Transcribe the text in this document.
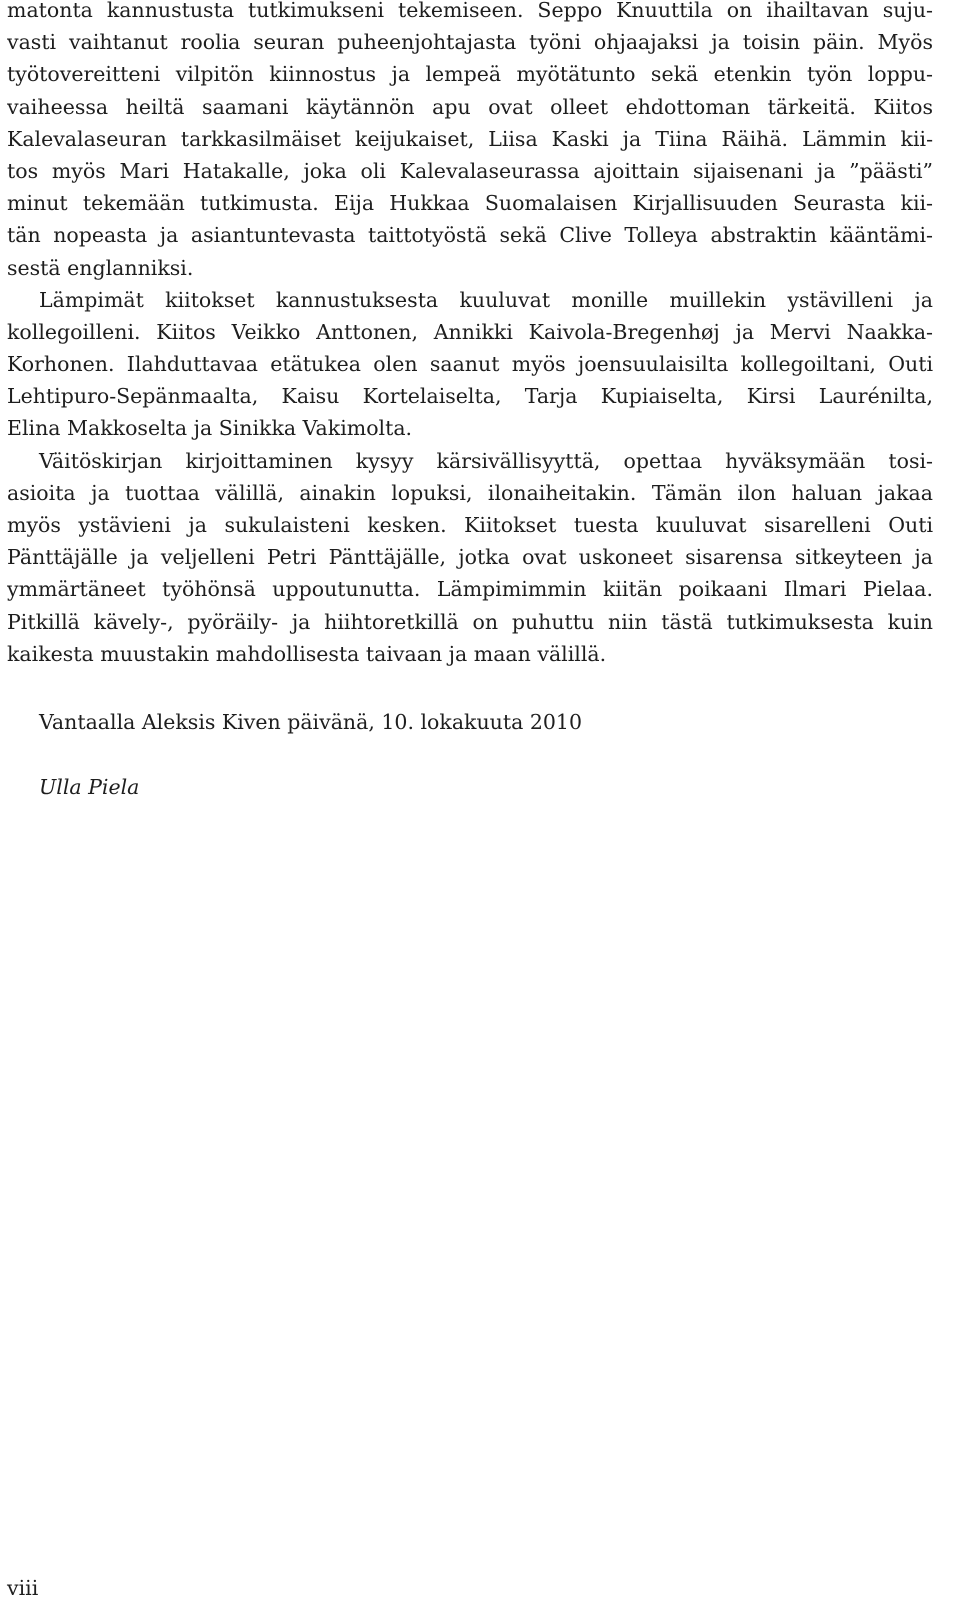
matonta kannustusta tutkimukseni tekemiseen. Seppo Knuuttila on ihailtavan suju-
vasti vaihtanut roolia seuran puheenjohtajasta työni ohjaajaksi ja toisin päin. Myös
työtovereitteni vilpitön kiinnostus ja lempeä myötätunto sekä etenkin työn loppu-
vaiheessa heiltä saamani käytännön apu ovat olleet ehdottoman tärkeitä. Kiitos
Kalevalaseuran tarkkasilmäiset keijukaiset, Liisa Kaski ja Tiina Räihä. Lämmin kii-
tos myös Mari Hatakalle, joka oli Kalevalaseurassa ajoittain sijaisenani ja ”päästi”
minut tekemään tutkimusta. Eija Hukkaa Suomalaisen Kirjallisuuden Seurasta kii-
tän nopeasta ja asiantuntevasta taittotyöstä sekä Clive Tolleya abstraktin kääntämi-
sestä englanniksi.
Lämpimät kiitokset kannustuksesta kuuluvat monille muillekin ystävilleni ja
kollegoilleni. Kiitos Veikko Anttonen, Annikki Kaivola-Bregenhøj ja Mervi Naakka-
Korhonen. Ilahduttavaa etätukea olen saanut myös joensuulaisilta kollegoiltani, Outi
Lehtipuro-Sepänmaalta, Kaisu Kortelaiselta, Tarja Kupiaiselta, Kirsi Laurénilta,
Elina Makkoselta ja Sinikka Vakimolta.
Väitöskirjan kirjoittaminen kysyy kärsivällisyyttä, opettaa hyväksymään tosi-
asioita ja tuottaa välillä, ainakin lopuksi, ilonaiheitakin. Tämän ilon haluan jakaa
myös ystävieni ja sukulaisteni kesken. Kiitokset tuesta kuuluvat sisarelleni Outi
Pänttäjälle ja veljelleni Petri Pänttäjälle, jotka ovat uskoneet sisarensa sitkeyteen ja
ymmärtäneet työhönsä uppoutunutta. Lämpimimmin kiitän poikaani Ilmari Pielaa.
Pitkillä kävely-, pyöräily- ja hiihtoretkillä on puhuttu niin tästä tutkimuksesta kuin
kaikesta muustakin mahdollisesta taivaan ja maan välillä.
Vantaalla Aleksis Kiven päivänä, 10. lokakuuta 2010
Ulla Piela
viii
